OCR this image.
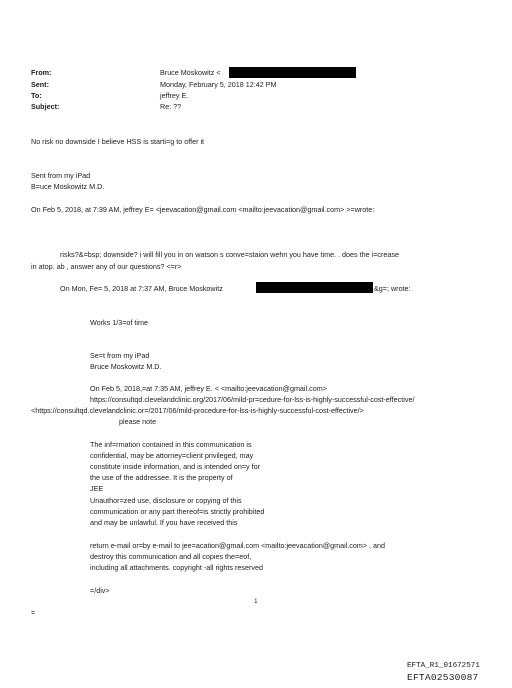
From:	Bruce Moskowitz <

Sent:	Monday, February 5, 2018 12:42 PM

To:	jeffrey E.

Subject:	Re: ??

No risk no downside I believe HSS is starti=g to offer it

Sent from my iPad

B=uce Moskowitz M.D.

On Feb 5, 2018, at 7:39 AM, jeffrey E= <jeevacation@gmail.com <mailto:jeevacation@gmail.com> >=wrote:

risks?&=bsp; downside? i will fill you in on watson s conve=staion wehn you have time. . does the i=crease

in atop. ab , answer any of our questions? <=r>

On Mon, Fe= 5, 2018 at 7:37 AM, Bruce Moskowitz	&g=; wrote:

Works 1/3=of time

Se=t from my iPad

Bruce Moskowitz M.D.

On Feb 5, 2018,=at 7:35 AM, jeffrey E. < <mailto:jeevacation@gmail.com>

https://consultqd.clevelandclinic.org/2017/06/mild-pr=cedure-for-lss-is-highly-successful-cost-effective/

<https://consultqd.clevelandclinic.or=/2017/06/mild-procedure-for-lss-is-highly-successful-cost-effective/>

please note

The inf=rmation contained in this communication is

confidential, may be attorney=client privileged, may

constitute inside information, and is intended on=y for

the use of the addressee. It is the property of

JEE

Unauthor=zed use, disclosure or copying of this

communication or any part thereof=is strictly prohibited

and may be unlawful. If you have received this

return e-mail or=by e-mail to jee=acation@gmail.com <mailto:jeevacation@gmail.com> , and

destroy this communication and all copies the=eof,

including all attachments. copyright -all rights reserved

=/div>

=

1

EFTA_R1_01672571

EFTA02530087
